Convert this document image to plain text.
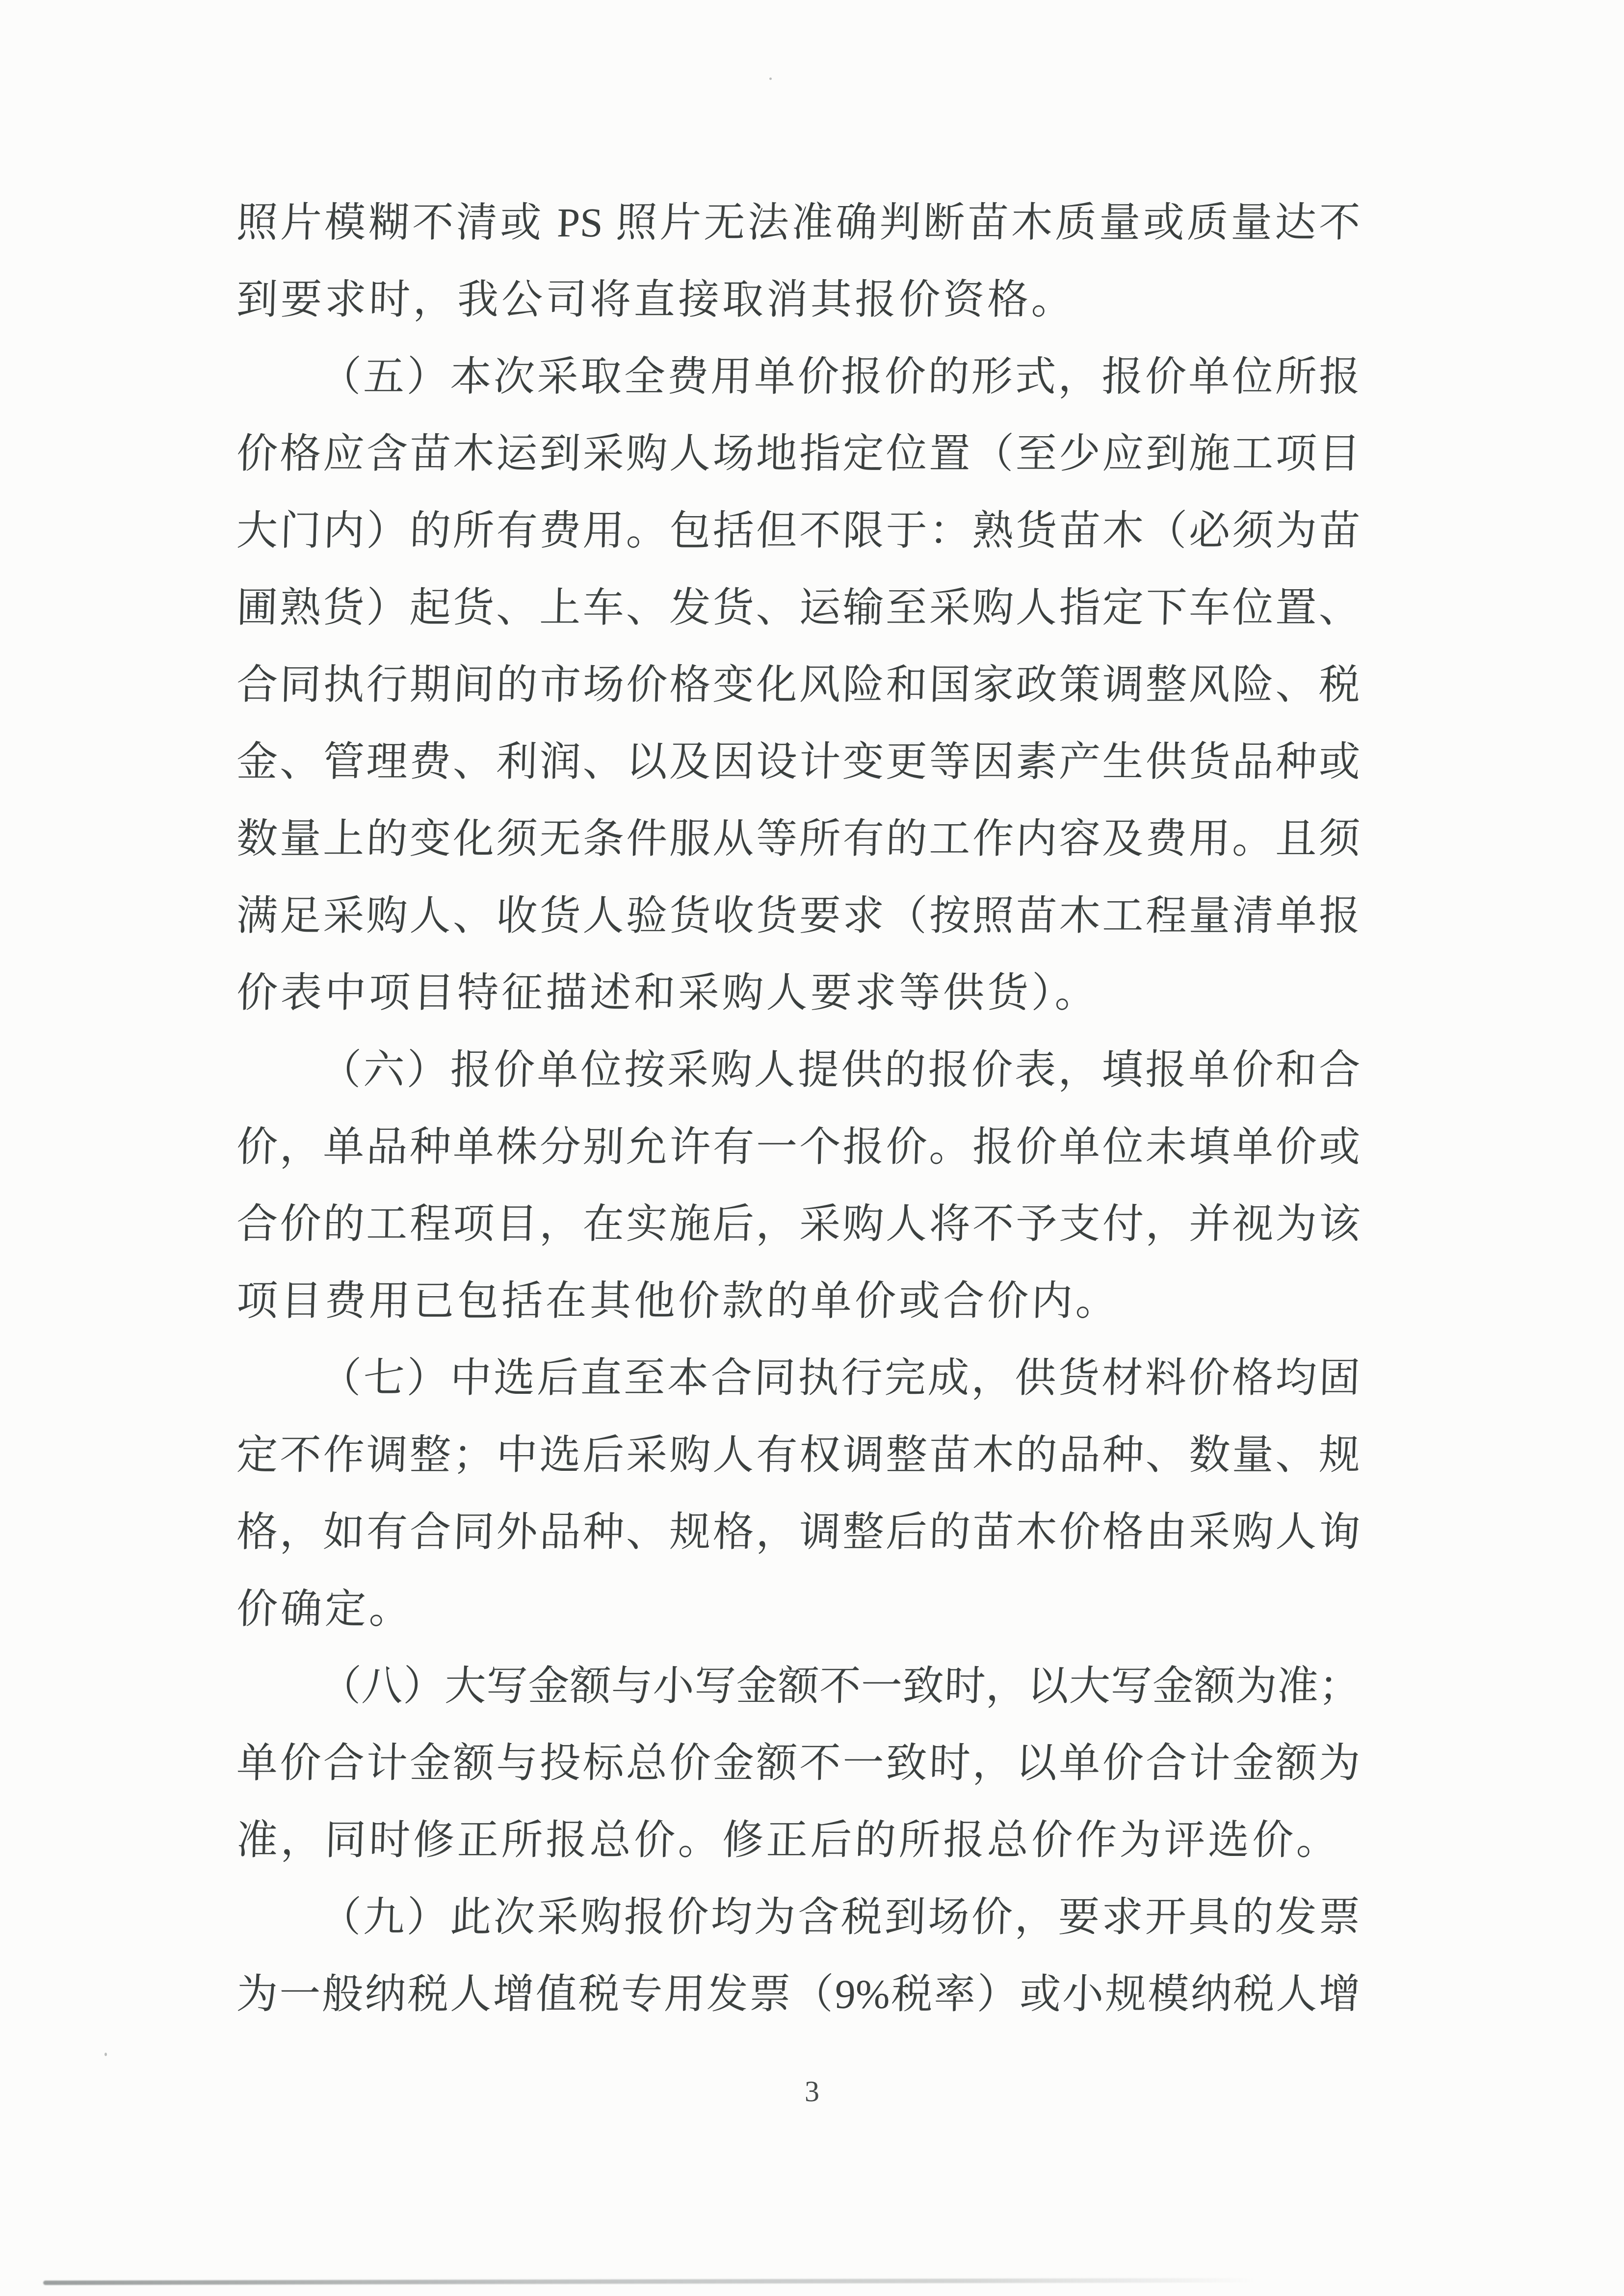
照片模糊不清或 PS 照片无法准确判断苗木质量或质量达不
到要求时，我公司将直接取消其报价资格。
（五）本次采取全费用单价报价的形式，报价单位所报
价格应含苗木运到采购人场地指定位置（至少应到施工项目
大门内）的所有费用。包括但不限于：熟货苗木（必须为苗
圃熟货）起货、上车、发货、运输至采购人指定下车位置、
合同执行期间的市场价格变化风险和国家政策调整风险、税
金、管理费、利润、以及因设计变更等因素产生供货品种或
数量上的变化须无条件服从等所有的工作内容及费用。且须
满足采购人、收货人验货收货要求（按照苗木工程量清单报
价表中项目特征描述和采购人要求等供货）。
（六）报价单位按采购人提供的报价表，填报单价和合
价，单品种单株分别允许有一个报价。报价单位未填单价或
合价的工程项目，在实施后，采购人将不予支付，并视为该
项目费用已包括在其他价款的单价或合价内。
（七）中选后直至本合同执行完成，供货材料价格均固
定不作调整；中选后采购人有权调整苗木的品种、数量、规
格，如有合同外品种、规格，调整后的苗木价格由采购人询
价确定。
（八）大写金额与小写金额不一致时，以大写金额为准；
单价合计金额与投标总价金额不一致时，以单价合计金额为
准，同时修正所报总价。修正后的所报总价作为评选价。
（九）此次采购报价均为含税到场价，要求开具的发票
为一般纳税人增值税专用发票（9%税率）或小规模纳税人增
3
